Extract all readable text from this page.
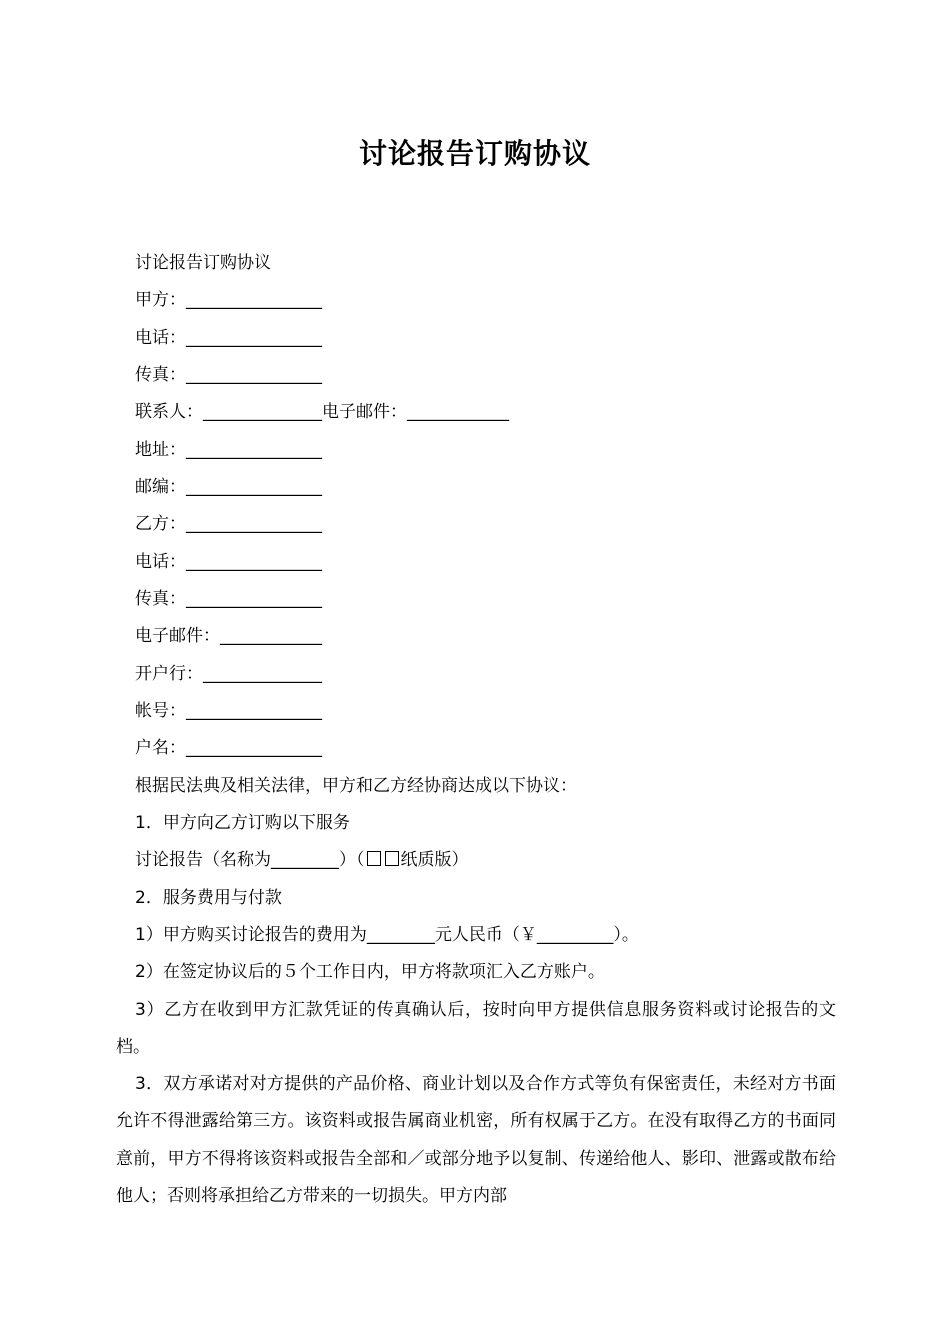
讨论报告订购协议
讨论报告订购协议
甲方：________________
电话：________________
传真：________________
联系人：______________电子邮件：____________
地址：________________
邮编：________________
乙方：________________
电话：________________
传真：________________
电子邮件：____________
开户行：______________
帐号：________________
户名：________________
根据民法典及相关法律，甲方和乙方经协商达成以下协议：
1．甲方向乙方订购以下服务
讨论报告（名称为________）（ 纸质版）
2．服务费用与付款
1）甲方购买讨论报告的费用为________元人民币（￥_________）。
2）在签定协议后的５个工作日内，甲方将款项汇入乙方账户。

3）乙方在收到甲方汇款凭证的传真确认后，按时向甲方提供信息服务资料或讨论报告的文档。

3．双方承诺对对方提供的产品价格、商业计划以及合作方式等负有保密责任，未经对方书面允许不得泄露给第三方。该资料或报告属商业机密，所有权属于乙方。在没有取得乙方的书面同意前，甲方不得将该资料或报告全部和／或部分地予以复制、传递给他人、影印、泄露或散布给他人；否则将承担给乙方带来的一切损失。甲方内部
